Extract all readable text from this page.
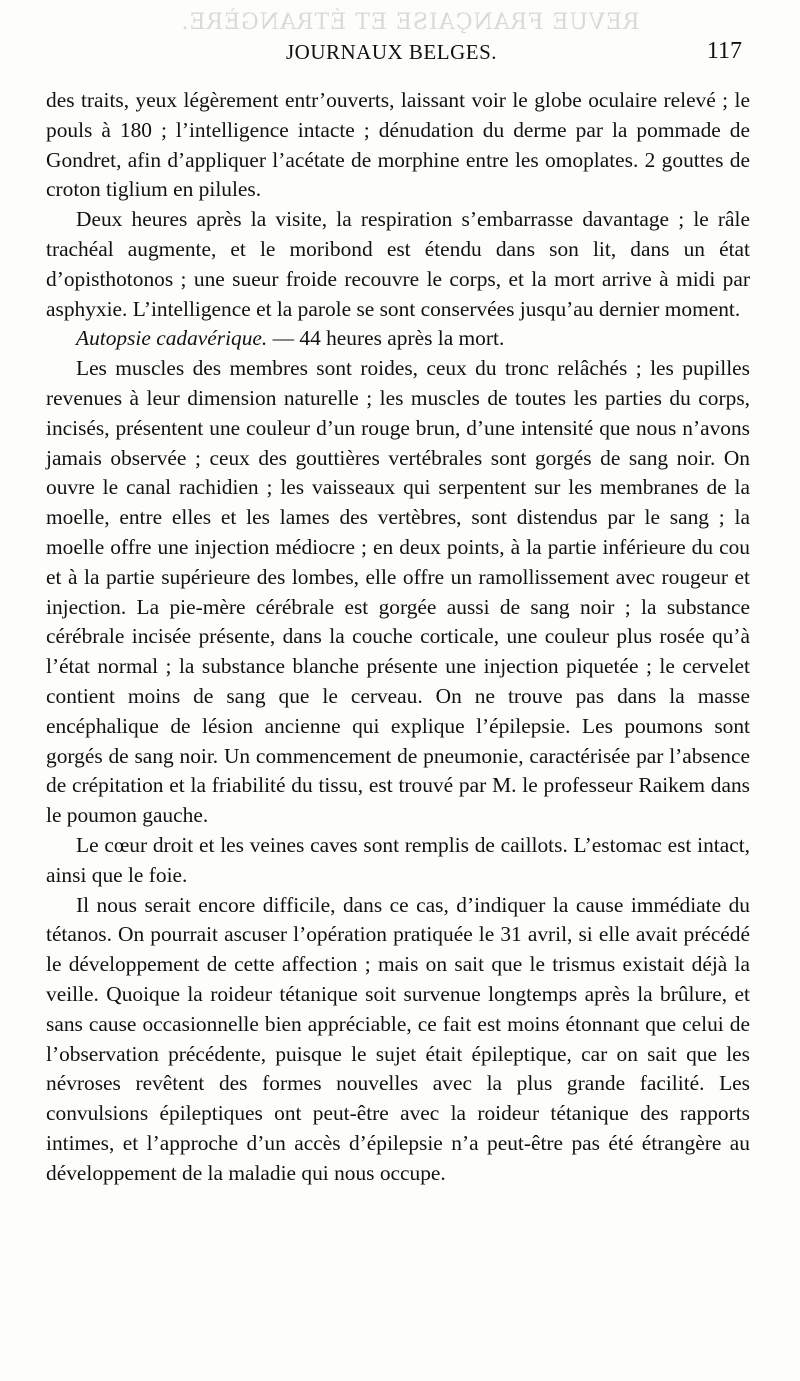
REVUE FRANÇAISE ET ÉTRANGÈRE.
JOURNAUX BELGES.	117

des traits, yeux légèrement entr’ouverts, laissant voir le globe oculaire relevé ; le pouls à 180 ; l’intelligence intacte ; dénudation du derme par la pommade de Gondret, afin d’appliquer l’acétate de morphine entre les omoplates. 2 gouttes de croton tiglium en pilules.

Deux heures après la visite, la respiration s’embarrasse davantage ; le râle trachéal augmente, et le moribond est étendu dans son lit, dans un état d’opisthotonos ; une sueur froide recouvre le corps, et la mort arrive à midi par asphyxie. L’intelligence et la parole se sont conservées jusqu’au dernier moment.

Autopsie cadavérique. — 44 heures après la mort.

Les muscles des membres sont roides, ceux du tronc relâchés ; les pupilles revenues à leur dimension naturelle ; les muscles de toutes les parties du corps, incisés, présentent une couleur d’un rouge brun, d’une intensité que nous n’avons jamais observée ; ceux des gouttières vertébrales sont gorgés de sang noir. On ouvre le canal rachidien ; les vaisseaux qui serpentent sur les membranes de la moelle, entre elles et les lames des vertèbres, sont distendus par le sang ; la moelle offre une injection médiocre ; en deux points, à la partie inférieure du cou et à la partie supérieure des lombes, elle offre un ramollissement avec rougeur et injection. La pie-mère cérébrale est gorgée aussi de sang noir ; la substance cérébrale incisée présente, dans la couche corticale, une couleur plus rosée qu’à l’état normal ; la substance blanche présente une injection piquetée ; le cervelet contient moins de sang que le cerveau. On ne trouve pas dans la masse encéphalique de lésion ancienne qui explique l’épilepsie. Les poumons sont gorgés de sang noir. Un commencement de pneumonie, caractérisée par l’absence de crépitation et la friabilité du tissu, est trouvé par M. le professeur Raikem dans le poumon gauche.

Le cœur droit et les veines caves sont remplis de caillots. L’estomac est intact, ainsi que le foie.

Il nous serait encore difficile, dans ce cas, d’indiquer la cause immédiate du tétanos. On pourrait ascuser l’opération pratiquée le 31 avril, si elle avait précédé le développement de cette affection ; mais on sait que le trismus existait déjà la veille. Quoique la roideur tétanique soit survenue longtemps après la brûlure, et sans cause occasionnelle bien appréciable, ce fait est moins étonnant que celui de l’observation précédente, puisque le sujet était épileptique, car on sait que les névroses revêtent des formes nouvelles avec la plus grande facilité. Les convulsions épileptiques ont peut-être avec la roideur tétanique des rapports intimes, et l’approche d’un accès d’épilepsie n’a peut-être pas été étrangère au développement de la maladie qui nous occupe.
